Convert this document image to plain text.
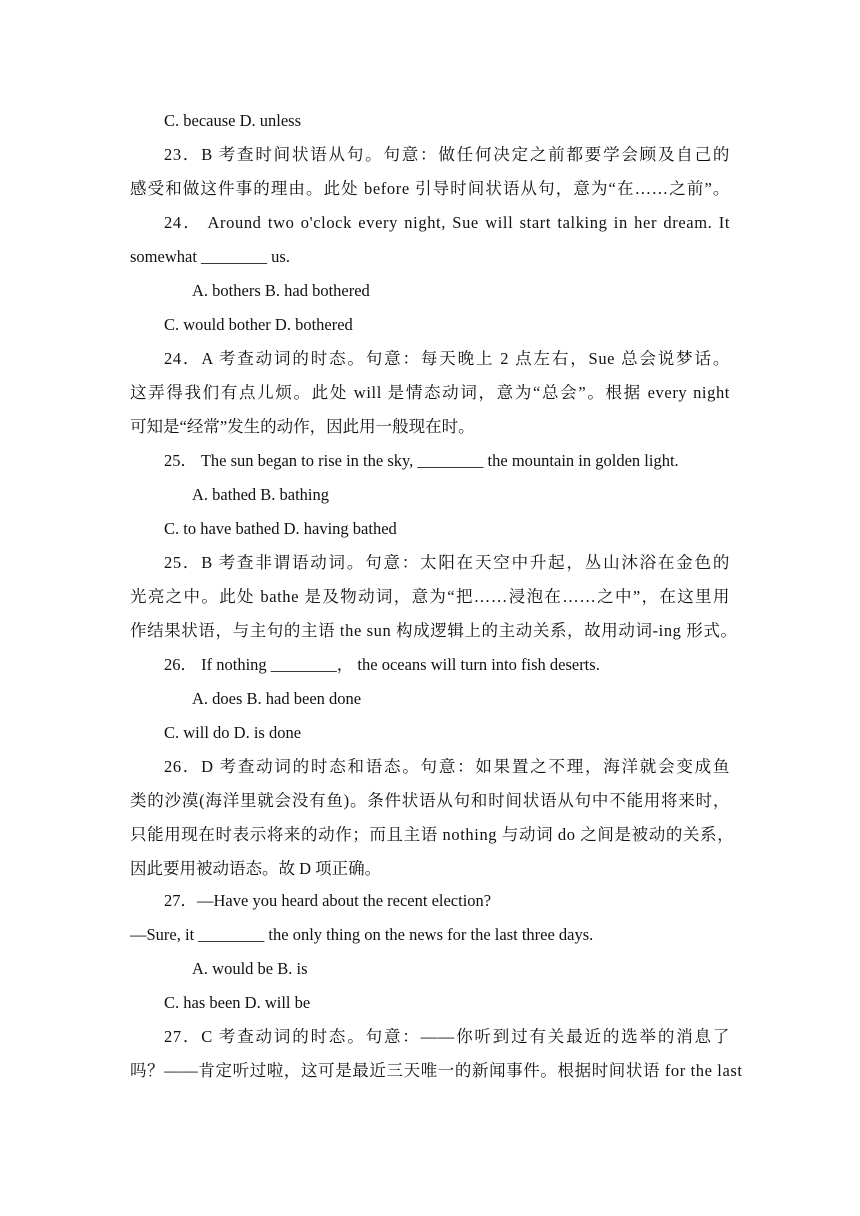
C. because D. unless
23．B 考查时间状语从句。句意：做任何决定之前都要学会顾及自己的
感受和做这件事的理由。此处 before 引导时间状语从句，意为“在……之前”。
24． Around two o'clock every night, Sue will start talking in her dream. It
somewhat ________ us.
A. bothers B. had bothered
C. would bother D. bothered
24．A 考查动词的时态。句意：每天晚上 2 点左右，Sue 总会说梦话。
这弄得我们有点儿烦。此处 will 是情态动词，意为“总会”。根据 every night
可知是“经常”发生的动作，因此用一般现在时。
25． The sun began to rise in the sky, ________ the mountain in golden light.
A. bathed B. bathing
C. to have bathed D. having bathed
25．B 考查非谓语动词。句意：太阳在天空中升起，丛山沐浴在金色的
光亮之中。此处 bathe 是及物动词，意为“把……浸泡在……之中”，在这里用
作结果状语，与主句的主语 the sun 构成逻辑上的主动关系，故用动词-ing 形式。
26． If nothing ________， the oceans will turn into fish deserts.
A. does B. had been done
C. will do D. is done
26．D 考查动词的时态和语态。句意：如果置之不理，海洋就会变成鱼
类的沙漠(海洋里就会没有鱼)。条件状语从句和时间状语从句中不能用将来时，
只能用现在时表示将来的动作；而且主语 nothing 与动词 do 之间是被动的关系，
因此要用被动语态。故 D 项正确。
27．—Have you heard about the recent election?
—Sure, it ________ the only thing on the news for the last three days.
A. would be B. is
C. has been D. will be
27．C 考查动词的时态。句意：——你听到过有关最近的选举的消息了
吗？——肯定听过啦，这可是最近三天唯一的新闻事件。根据时间状语 for the last
